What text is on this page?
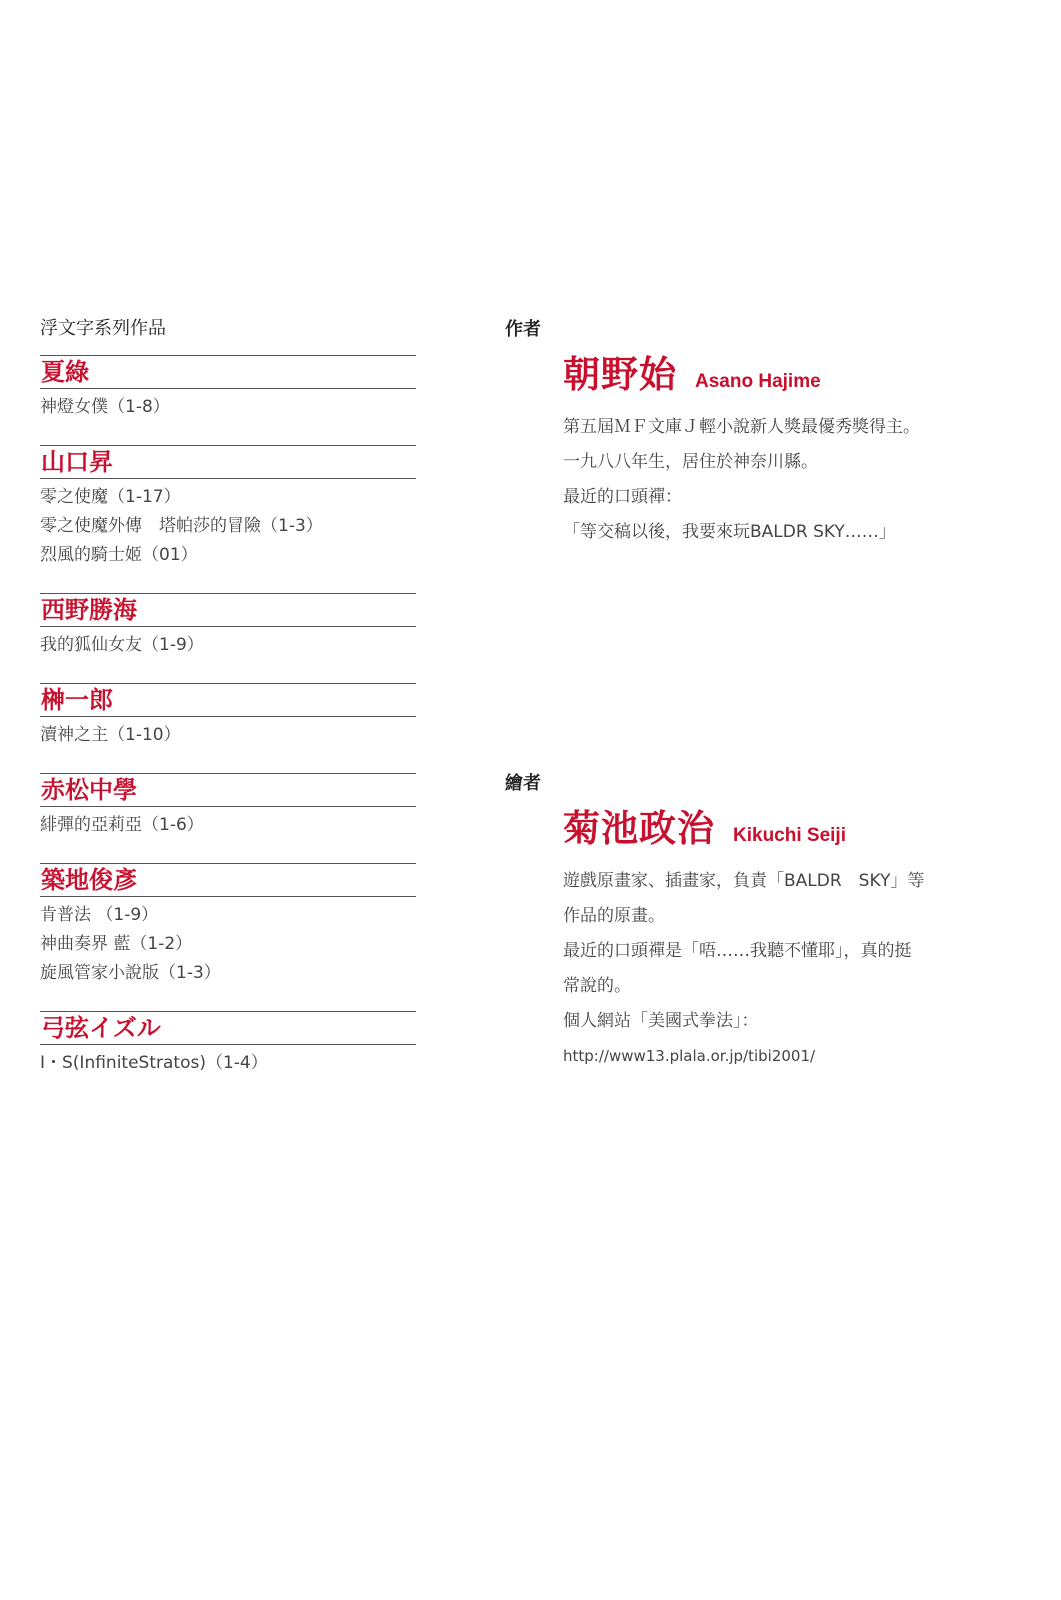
浮文字系列作品
夏綠
神燈女僕（1-8）
山口昇
零之使魔（1-17）
零之使魔外傳　塔帕莎的冒險（1-3）
烈風的騎士姬（01）
西野勝海
我的狐仙女友（1-9）
榊一郎
瀆神之主（1-10）
赤松中學
緋彈的亞莉亞（1-6）
築地俊彥
肯普法 （1-9）
神曲奏界 藍（1-2）
旋風管家小說版（1-3）
弓弦イズル
I・S(InfiniteStratos)（1-4）
作者
朝野始 Asano Hajime
第五屆ＭＦ文庫Ｊ輕小說新人獎最優秀獎得主。
一九八八年生，居住於神奈川縣。
最近的口頭禪：
「等交稿以後，我要來玩BALDR SKY……」
繪者
菊池政治 Kikuchi Seiji
遊戲原畫家、插畫家，負責「BALDR　SKY」等
作品的原畫。
最近的口頭禪是「唔……我聽不懂耶」，真的挺
常說的。
個人網站「美國式拳法」：
http://www13.plala.or.jp/tibi2001/
